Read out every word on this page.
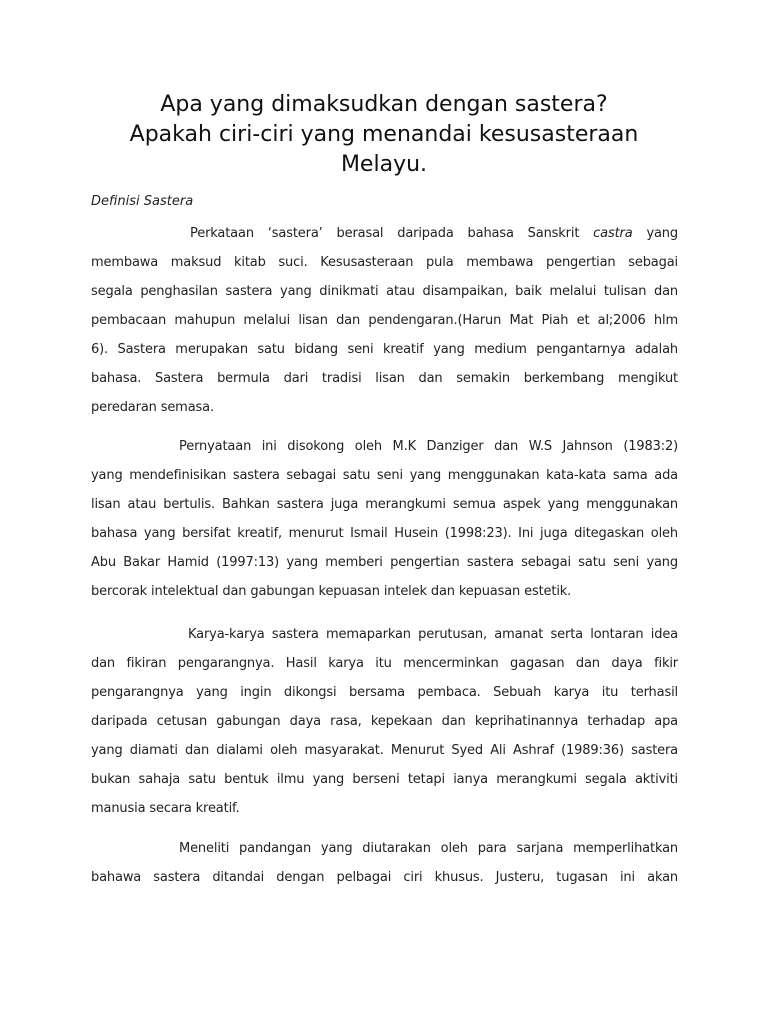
Apa yang dimaksudkan dengan sastera?
Apakah ciri-ciri yang menandai kesusasteraan
Melayu.

Definisi Sastera

Perkataan ‘sastera’ berasal daripada bahasa Sanskrit castra yang
membawa maksud kitab suci. Kesusasteraan pula membawa pengertian sebagai
segala penghasilan sastera yang dinikmati atau disampaikan, baik melalui tulisan dan
pembacaan mahupun melalui lisan dan pendengaran.(Harun Mat Piah et al;2006 hlm
6). Sastera merupakan satu bidang seni kreatif yang medium pengantarnya adalah
bahasa. Sastera bermula dari tradisi lisan dan semakin berkembang mengikut
peredaran semasa.

Pernyataan ini disokong oleh M.K Danziger dan W.S Jahnson (1983:2)
yang mendefinisikan sastera sebagai satu seni yang menggunakan kata-kata sama ada
lisan atau bertulis. Bahkan sastera juga merangkumi semua aspek yang menggunakan
bahasa yang bersifat kreatif, menurut Ismail Husein (1998:23). Ini juga ditegaskan oleh
Abu Bakar Hamid (1997:13) yang memberi pengertian sastera sebagai satu seni yang
bercorak intelektual dan gabungan kepuasan intelek dan kepuasan estetik.

Karya-karya sastera memaparkan perutusan, amanat serta lontaran idea
dan fikiran pengarangnya. Hasil karya itu mencerminkan gagasan dan daya fikir
pengarangnya yang ingin dikongsi bersama pembaca. Sebuah karya itu terhasil
daripada cetusan gabungan daya rasa, kepekaan dan keprihatinannya terhadap apa
yang diamati dan dialami oleh masyarakat. Menurut Syed Ali Ashraf (1989:36) sastera
bukan sahaja satu bentuk ilmu yang berseni tetapi ianya merangkumi segala aktiviti
manusia secara kreatif.

Meneliti pandangan yang diutarakan oleh para sarjana memperlihatkan
bahawa sastera ditandai dengan pelbagai ciri khusus. Justeru, tugasan ini akan
